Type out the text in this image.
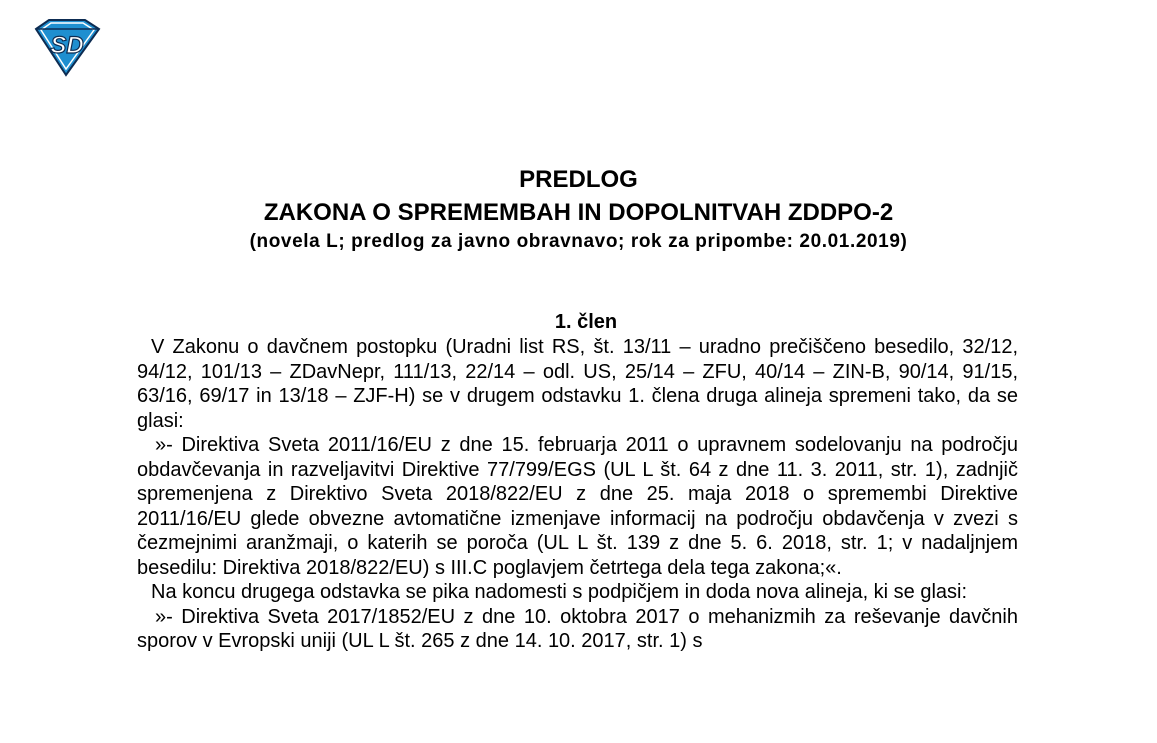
SD
PREDLOG
ZAKONA O SPREMEMBAH IN DOPOLNITVAH ZDDPO-2
(novela L; predlog za javno obravnavo; rok za pripombe: 20.01.2019)
1. člen

V Zakonu o davčnem postopku (Uradni list RS, št. 13/11 – uradno prečiščeno besedilo, 32/12, 94/12, 101/13 – ZDavNepr, 111/13, 22/14 – odl. US, 25/14 – ZFU, 40/14 – ZIN-B, 90/14, 91/15, 63/16, 69/17 in 13/18 – ZJF-H) se v drugem odstavku 1. člena druga alineja spremeni tako, da se glasi:

»- Direktiva Sveta 2011/16/EU z dne 15. februarja 2011 o upravnem sodelovanju na področju obdavčevanja in razveljavitvi Direktive 77/799/EGS (UL L št. 64 z dne 11. 3. 2011, str. 1), zadnjič spremenjena z Direktivo Sveta 2018/822/EU z dne 25. maja 2018 o spremembi Direktive 2011/16/EU glede obvezne avtomatične izmenjave informacij na področju obdavčenja v zvezi s čezmejnimi aranžmaji, o katerih se poroča (UL L št. 139 z dne 5. 6. 2018, str. 1; v nadaljnjem besedilu: Direktiva 2018/822/EU) s III.C poglavjem četrtega dela tega zakona;«.

Na koncu drugega odstavka se pika nadomesti s podpičjem in doda nova alineja, ki se glasi:

»- Direktiva Sveta 2017/1852/EU z dne 10. oktobra 2017 o mehanizmih za reševanje davčnih sporov v Evropski uniji (UL L št. 265 z dne 14. 10. 2017, str. 1) s
